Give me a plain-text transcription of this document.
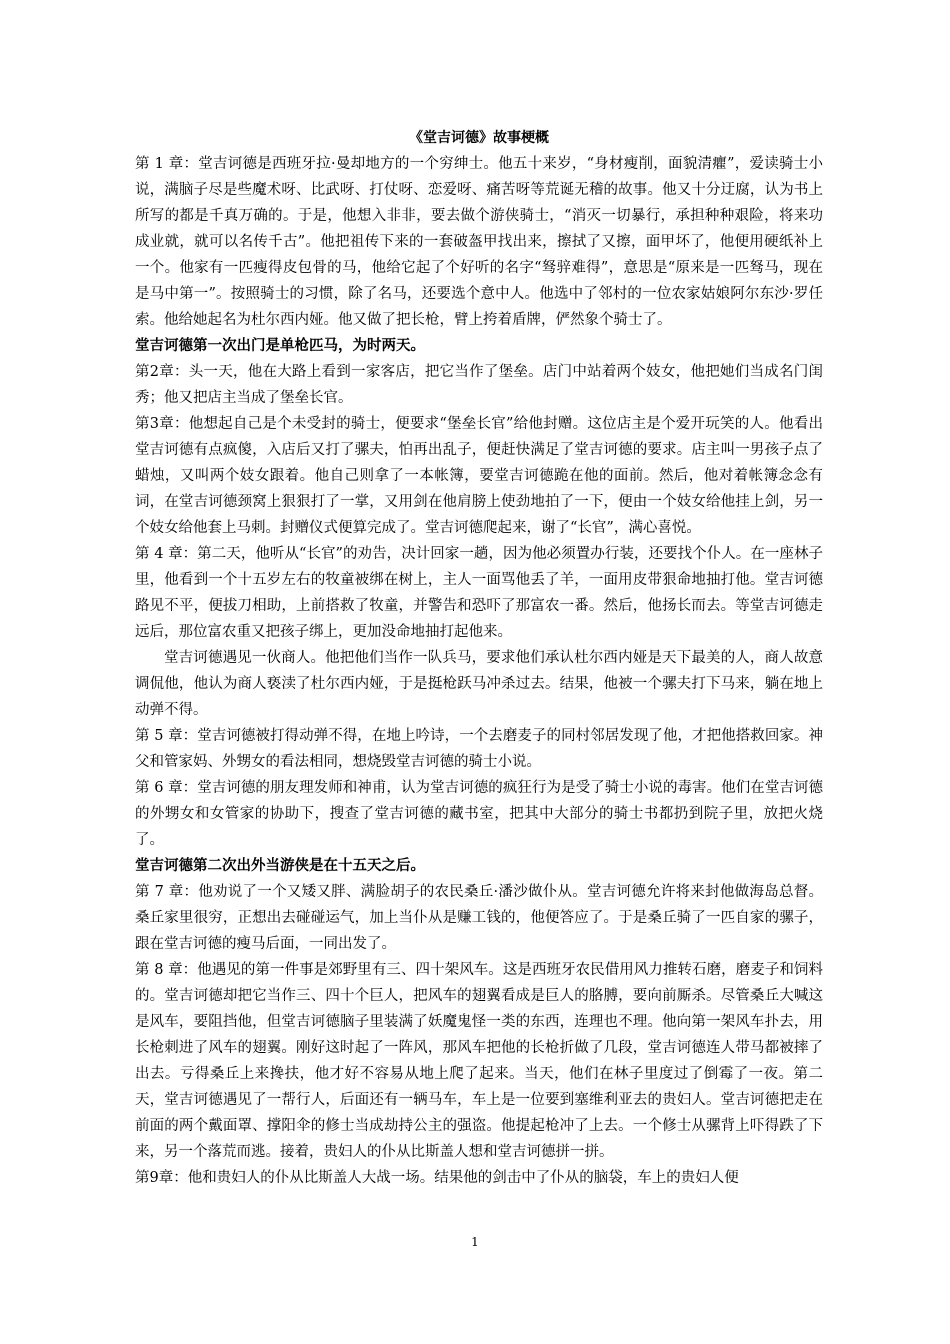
《堂吉诃德》故事梗概

第 1 章：堂吉诃德是西班牙拉·曼却地方的一个穷绅士。他五十来岁，“身材瘦削，面貌清癯”，爱读骑士小说，满脑子尽是些魔术呀、比武呀、打仗呀、恋爱呀、痛苦呀等荒诞无稽的故事。他又十分迂腐，认为书上所写的都是千真万确的。于是，他想入非非，要去做个游侠骑士，“消灭一切暴行，承担种种艰险，将来功成业就，就可以名传千古”。他把祖传下来的一套破盔甲找出来，擦拭了又擦，面甲坏了，他便用硬纸补上一个。他家有一匹瘦得皮包骨的马，他给它起了个好听的名字“驽骍难得”，意思是“原来是一匹驽马，现在是马中第一”。按照骑士的习惯，除了名马，还要选个意中人。他选中了邻村的一位农家姑娘阿尔东沙·罗任索。他给她起名为杜尔西内娅。他又做了把长枪，臂上挎着盾牌，俨然象个骑士了。

堂吉诃德第一次出门是单枪匹马，为时两天。

第2章：头一天，他在大路上看到一家客店，把它当作了堡垒。店门中站着两个妓女，他把她们当成名门闺秀；他又把店主当成了堡垒长官。

第3章：他想起自己是个未受封的骑士，便要求“堡垒长官”给他封赠。这位店主是个爱开玩笑的人。他看出堂吉诃德有点疯傻，入店后又打了骡夫，怕再出乱子，便赶快满足了堂吉诃德的要求。店主叫一男孩子点了蜡烛，又叫两个妓女跟着。他自己则拿了一本帐簿，要堂吉诃德跪在他的面前。然后，他对着帐簿念念有词，在堂吉诃德颈窝上狠狠打了一掌，又用剑在他肩膀上使劲地拍了一下，便由一个妓女给他挂上剑，另一个妓女给他套上马刺。封赠仪式便算完成了。堂吉诃德爬起来，谢了“长官”，满心喜悦。

第 4 章：第二天，他听从“长官”的劝告，决计回家一趟，因为他必须置办行装，还要找个仆人。在一座林子里，他看到一个十五岁左右的牧童被绑在树上，主人一面骂他丢了羊，一面用皮带狠命地抽打他。堂吉诃德路见不平，便拔刀相助，上前搭救了牧童，并警告和恐吓了那富农一番。然后，他扬长而去。等堂吉诃德走远后，那位富农重又把孩子绑上，更加没命地抽打起他来。

堂吉诃德遇见一伙商人。他把他们当作一队兵马，要求他们承认杜尔西内娅是天下最美的人，商人故意调侃他，他认为商人亵渎了杜尔西内娅，于是挺枪跃马冲杀过去。结果，他被一个骡夫打下马来，躺在地上动弹不得。

第 5 章：堂吉诃德被打得动弹不得，在地上吟诗，一个去磨麦子的同村邻居发现了他，才把他搭救回家。神父和管家妈、外甥女的看法相同，想烧毁堂吉诃德的骑士小说。

第 6 章：堂吉诃德的朋友理发师和神甫，认为堂吉诃德的疯狂行为是受了骑士小说的毒害。他们在堂吉诃德的外甥女和女管家的协助下，搜查了堂吉诃德的藏书室，把其中大部分的骑士书都扔到院子里，放把火烧了。

堂吉诃德第二次出外当游侠是在十五天之后。

第 7 章：他劝说了一个又矮又胖、满脸胡子的农民桑丘·潘沙做仆从。堂吉诃德允许将来封他做海岛总督。桑丘家里很穷，正想出去碰碰运气，加上当仆从是赚工钱的，他便答应了。于是桑丘骑了一匹自家的骡子，跟在堂吉诃德的瘦马后面，一同出发了。

第 8 章：他遇见的第一件事是郊野里有三、四十架风车。这是西班牙农民借用风力推转石磨，磨麦子和饲料的。堂吉诃德却把它当作三、四十个巨人，把风车的翅翼看成是巨人的胳膊，要向前厮杀。尽管桑丘大喊这是风车，要阻挡他，但堂吉诃德脑子里装满了妖魔鬼怪一类的东西，连理也不理。他向第一架风车扑去，用长枪刺进了风车的翅翼。刚好这时起了一阵风，那风车把他的长枪折做了几段，堂吉诃德连人带马都被摔了出去。亏得桑丘上来搀扶，他才好不容易从地上爬了起来。当天，他们在林子里度过了倒霉了一夜。第二天，堂吉诃德遇见了一帮行人，后面还有一辆马车，车上是一位要到塞维利亚去的贵妇人。堂吉诃德把走在前面的两个戴面罩、撑阳伞的修士当成劫持公主的强盗。他提起枪冲了上去。一个修士从骡背上吓得跌了下来，另一个落荒而逃。接着，贵妇人的仆从比斯盖人想和堂吉诃德拼一拼。

第9章：他和贵妇人的仆从比斯盖人大战一场。结果他的剑击中了仆从的脑袋，车上的贵妇人便

1
